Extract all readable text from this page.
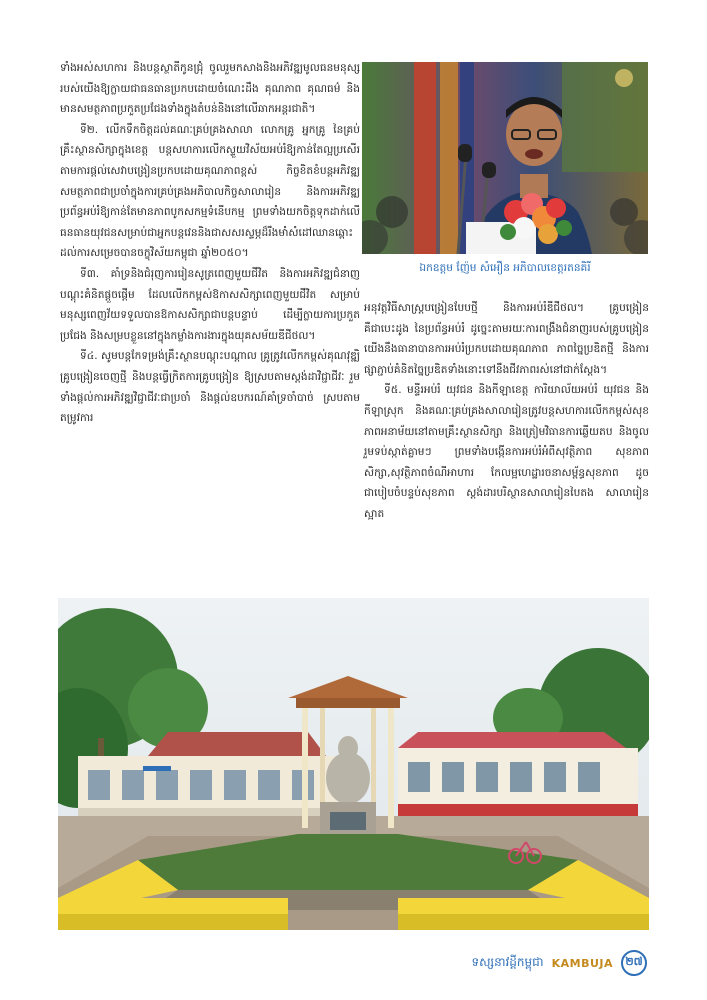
ទាំងអស់សហការ និងបន្តស្ថាតីកូនជ្រុំ ចូលរួមកសាងនិងអភិវឌ្ឍមូលធនមនុស្សរបស់យើងឱ្យក្លាយជាធនធានប្រកបដោយចំណេះដឹង គុណភាព គុណធម៌ និងមានសមត្ថភាពប្រកួតប្រជែងទាំងក្នុងតំបន់និងនៅលើឆាកអន្តរជាតិ។

ទី២. លើកទឹកចិត្តដល់គណៈគ្រប់គ្រងសាលា លោកគ្រូ អ្នកគ្រូ នៃគ្រប់គ្រឹះស្ថានសិក្សាក្នុងខេត្ត បន្តសហការលើកស្ទួយវិស័យអប់រំឱ្យកាន់តែល្អប្រសើរ តាមការផ្តល់សេវាបង្រៀនប្រកបដោយគុណភាពខ្ពស់ កិច្ចខិតខំបន្តអភិវឌ្ឍសមត្ថភាពជាប្រចាំក្នុងការគ្រប់គ្រងអភិបាលកិច្ចសាលារៀន និងការអភិវឌ្ឍប្រព័ន្ធអប់រំឱ្យកាន់តែមានភាពបូកសកម្មទំនើបកម្ម ព្រមទាំងយកចិត្តទុកដាក់លើធនធានយុវជនសម្រាប់ជាអ្នកបន្តវេននិងជាសសរស្ទម្ភដ៏រឹងមាំសំដៅឈានឆ្ពោះដល់ការសម្រេចបានចក្ខុវិស័យកម្ពុជា ឆ្នាំ២០៥០។

ទី៣. គាំទ្រនិងជំរុញការរៀនសូត្រពេញមួយជីវិត និងការអភិវឌ្ឍជំនាញបណ្តុះគំនិតផ្តួចផ្តើម ដែលលើកកម្ពស់ឱកាសសិក្សាពេញមួយជីវិត សម្រាប់មនុស្សពេញវ័យទទួលបានឱកាសសិក្សាជាបន្តបន្ទាប់ ដើម្បីក្លាយការប្រកួតប្រជែង និងសម្របខ្លួននៅក្នុងកម្លាំងការងារក្នុងយុគសម័យឌីជីថល។

ទី៤. សូមបន្តកែទម្រង់គ្រឹះស្ថានបណ្តុះបណ្តាល គ្រូត្រូវលើកកម្ពស់គុណវុឌ្ឍិគ្រូបង្រៀនចេញថ្មី និងបន្តធ្វើក្រិតការគ្រូបង្រៀន ឱ្យស្របតាមស្តង់ដាវិជ្ជាជីវៈ រួមទាំងផ្តល់ការអភិវឌ្ឍវិជ្ជាជីវៈជាប្រចាំ និងផ្តល់ឧបករណ៍គាំទ្រចាំបាច់ ស្របតាមតម្រូវការ

ឯកឧត្តម ញ៉ែម សំអឿន អភិបាលខេត្តរតនគិរី

អនុវត្តវិធីសាស្ត្របង្រៀនបែបថ្មី និងការអប់រំឌីជីថល។ គ្រូបង្រៀនគឺជាបេះដូង នៃប្រព័ន្ធអប់រំ ដូច្នេះតាមរយៈការពង្រឹងជំនាញរបស់គ្រូបង្រៀន យើងនឹងធានាបានការអប់រំប្រកបដោយគុណភាព ភាពច្នៃប្រឌិតថ្មី និងការផ្សាភ្ជាប់គំនិតច្នៃប្រឌិតទាំងនោះទៅនឹងជីវភាពរស់នៅជាក់ស្តែង។

ទី៥. មន្ទីរអប់រំ យុវជន និងកីឡាខេត្ត ការិយាល័យអប់រំ យុវជន និងកីឡាស្រុក និងគណៈគ្រប់គ្រងសាលារៀនត្រូវបន្តសហការលើកកម្ពស់សុខភាពអនាម័យនៅតាមគ្រឹះស្ថានសិក្សា និងត្រៀមវិធានការឆ្លើយតប និងចូលរួមទប់ស្កាត់គ្លាមៗ ព្រមទាំងបង្កើនការអប់រំអំពីសុវត្ថិភាព សុខភាពសិក្សា,សុវត្ថិភាពចំណីអាហារ កែលម្អហេដ្ឋារចនាសម្ព័ន្ធសុខភាព ដូចជាបៀបចំបន្ទប់សុខភាព ស្តង់ដារបរិស្ថានសាលារៀនបៃតង សាលារៀនស្អាត

ទស្សនាវដ្តីកម្ពុជា KAMBUJA	២៧
